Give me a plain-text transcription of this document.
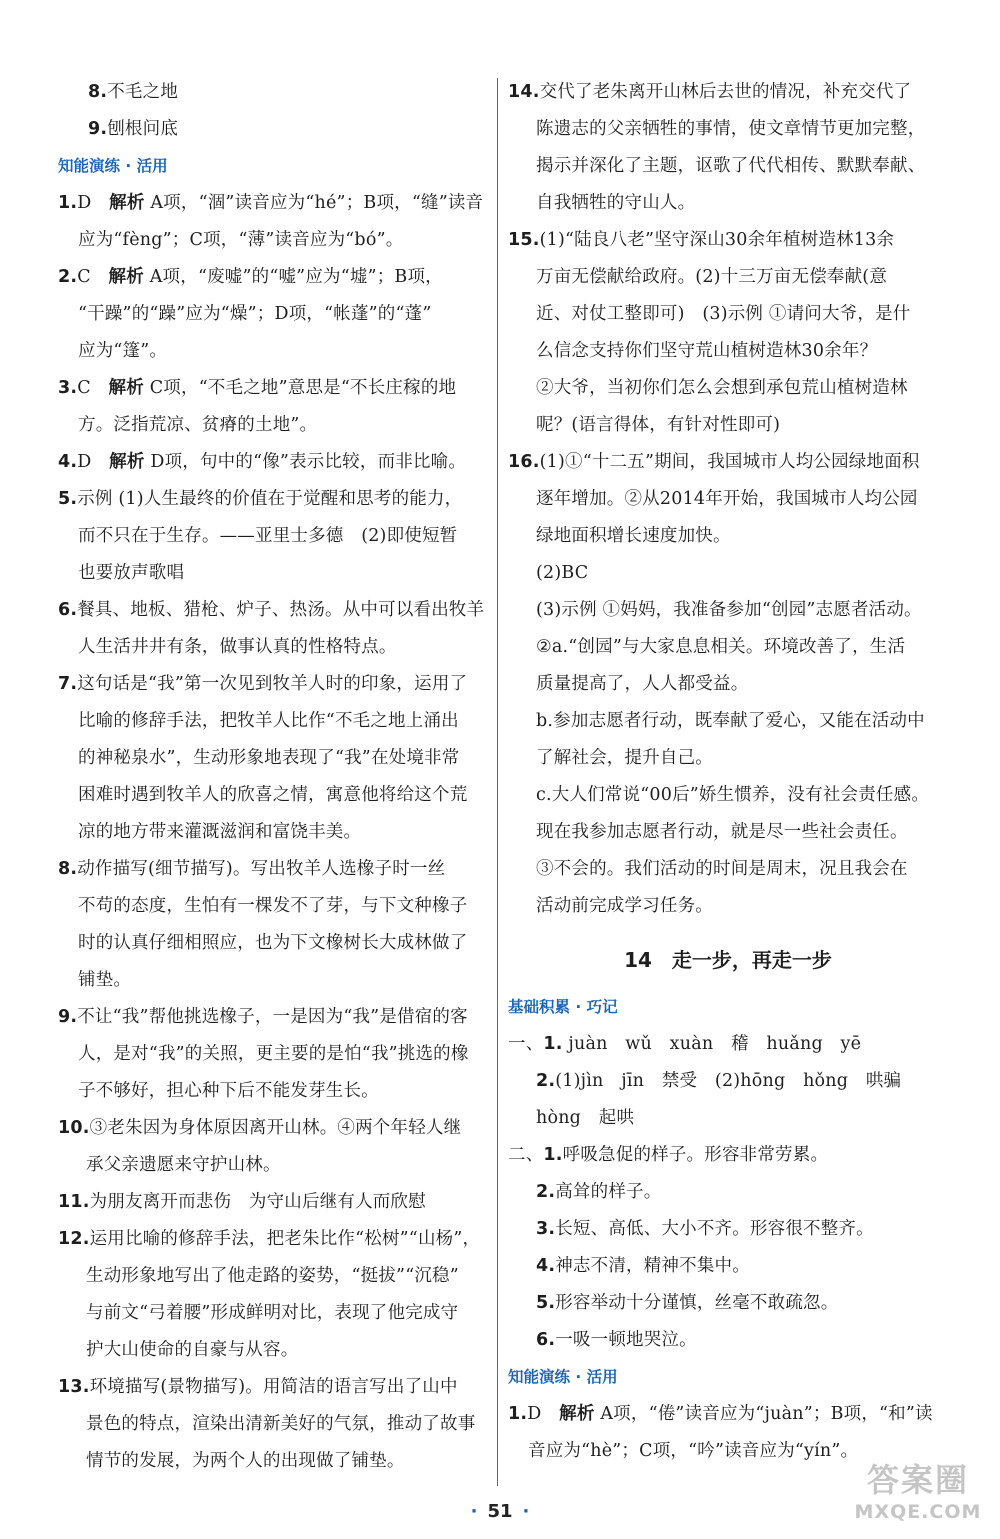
8.不毛之地
9.刨根问底
知能演练 · 活用
1.D　解析 A项，“涸”读音应为“hé”；B项，“缝”读音
应为“fèng”；C项，“薄”读音应为“bó”。
2.C　解析 A项，“废嘘”的“嘘”应为“墟”；B项，
“干躁”的“躁”应为“燥”；D项，“帐蓬”的“蓬”
应为“篷”。
3.C　解析 C项，“不毛之地”意思是“不长庄稼的地
方。泛指荒凉、贫瘠的土地”。
4.D　解析 D项，句中的“像”表示比较，而非比喻。
5.示例 (1)人生最终的价值在于觉醒和思考的能力，
而不只在于生存。——亚里士多德　(2)即使短暂
也要放声歌唱
6.餐具、地板、猎枪、炉子、热汤。从中可以看出牧羊
人生活井井有条，做事认真的性格特点。
7.这句话是“我”第一次见到牧羊人时的印象，运用了
比喻的修辞手法，把牧羊人比作“不毛之地上涌出
的神秘泉水”，生动形象地表现了“我”在处境非常
困难时遇到牧羊人的欣喜之情，寓意他将给这个荒
凉的地方带来灌溉滋润和富饶丰美。
8.动作描写(细节描写)。写出牧羊人选橡子时一丝
不苟的态度，生怕有一棵发不了芽，与下文种橡子
时的认真仔细相照应，也为下文橡树长大成林做了
铺垫。
9.不让“我”帮他挑选橡子，一是因为“我”是借宿的客
人，是对“我”的关照，更主要的是怕“我”挑选的橡
子不够好，担心种下后不能发芽生长。
10.③老朱因为身体原因离开山林。④两个年轻人继
承父亲遗愿来守护山林。
11.为朋友离开而悲伤　为守山后继有人而欣慰
12.运用比喻的修辞手法，把老朱比作“松树”“山杨”，
生动形象地写出了他走路的姿势，“挺拔”“沉稳”
与前文“弓着腰”形成鲜明对比，表现了他完成守
护大山使命的自豪与从容。
13.环境描写(景物描写)。用简洁的语言写出了山中
景色的特点，渲染出清新美好的气氛，推动了故事
情节的发展，为两个人的出现做了铺垫。
14.交代了老朱离开山林后去世的情况，补充交代了
陈遗志的父亲牺牲的事情，使文章情节更加完整，
揭示并深化了主题，讴歌了代代相传、默默奉献、
自我牺牲的守山人。
15.(1)“陆良八老”坚守深山30余年植树造林13余
万亩无偿献给政府。(2)十三万亩无偿奉献(意
近、对仗工整即可)　(3)示例 ①请问大爷，是什
么信念支持你们坚守荒山植树造林30余年？
②大爷，当初你们怎么会想到承包荒山植树造林
呢？(语言得体，有针对性即可)
16.(1)①“十二五”期间，我国城市人均公园绿地面积
逐年增加。②从2014年开始，我国城市人均公园
绿地面积增长速度加快。
(2)BC
(3)示例 ①妈妈，我准备参加“创园”志愿者活动。
②a.“创园”与大家息息相关。环境改善了，生活
质量提高了，人人都受益。
b.参加志愿者行动，既奉献了爱心，又能在活动中
了解社会，提升自己。
c.大人们常说“00后”娇生惯养，没有社会责任感。
现在我参加志愿者行动，就是尽一些社会责任。
③不会的。我们活动的时间是周末，况且我会在
活动前完成学习任务。
14　走一步，再走一步
基础积累 · 巧记
一、1. juàn　wǔ　xuàn　稽　huǎng　yē
2.(1)jìn　jīn　禁受　(2)hōng　hǒng　哄骗
hòng　起哄
二、1.呼吸急促的样子。形容非常劳累。
2.高耸的样子。
3.长短、高低、大小不齐。形容很不整齐。
4.神志不清，精神不集中。
5.形容举动十分谨慎，丝毫不敢疏忽。
6.一吸一顿地哭泣。
知能演练 · 活用
1.D　解析 A项，“倦”读音应为“juàn”；B项，“和”读
音应为“hè”；C项，“吟”读音应为“yín”。
· 51 ·
答案圈
MXQE.COM
